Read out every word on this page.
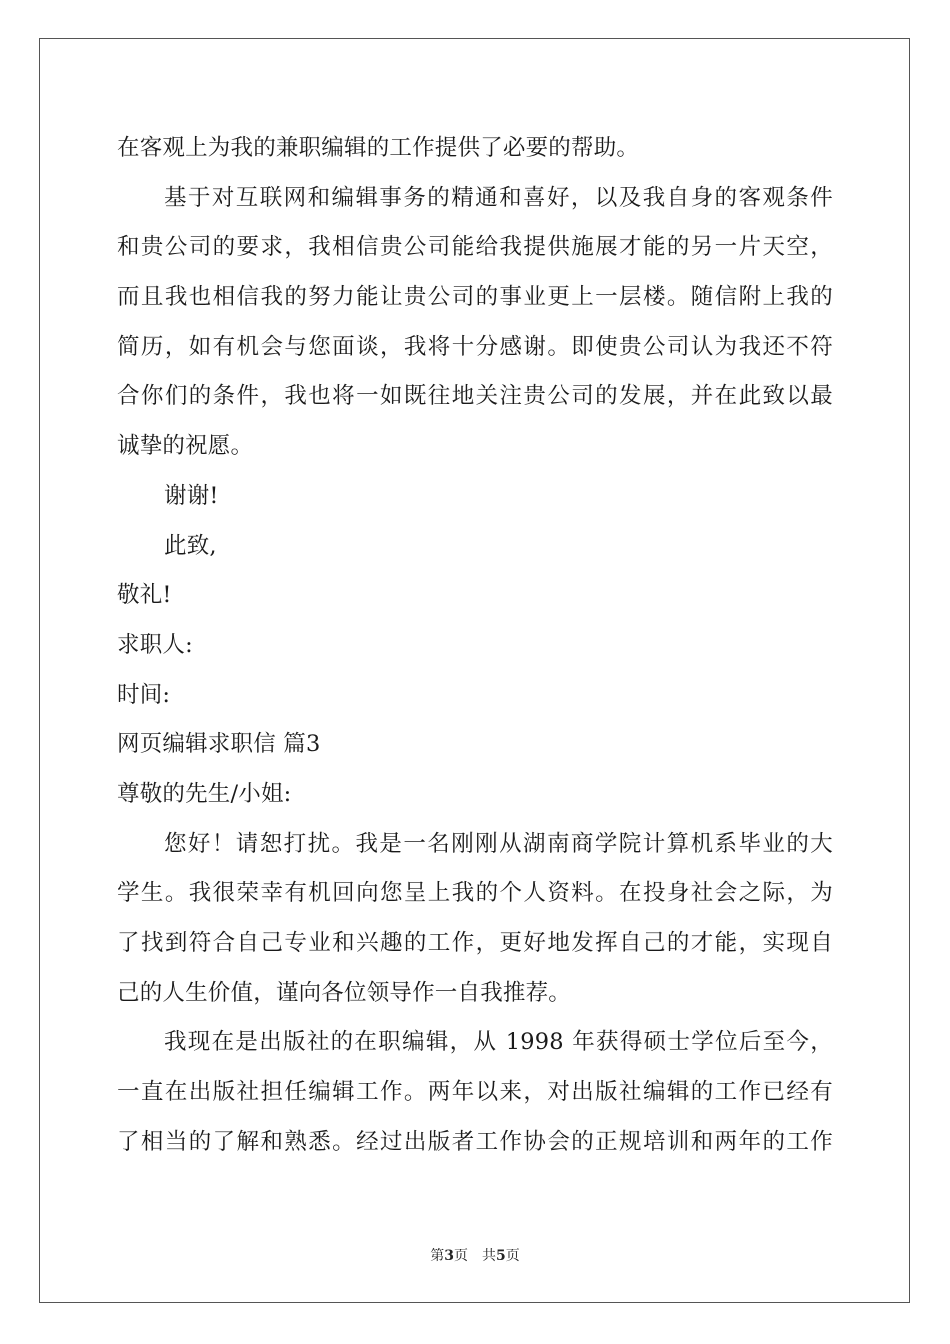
在客观上为我的兼职编辑的工作提供了必要的帮助。
基于对互联网和编辑事务的精通和喜好，以及我自身的客观条件
和贵公司的要求，我相信贵公司能给我提供施展才能的另一片天空，
而且我也相信我的努力能让贵公司的事业更上一层楼。随信附上我的
简历，如有机会与您面谈，我将十分感谢。即使贵公司认为我还不符
合你们的条件，我也将一如既往地关注贵公司的发展，并在此致以最
诚挚的祝愿。
谢谢!
此致,
敬礼!
求职人:
时间:
网页编辑求职信 篇3
尊敬的先生/小姐:
您好！请恕打扰。我是一名刚刚从湖南商学院计算机系毕业的大
学生。我很荣幸有机回向您呈上我的个人资料。在投身社会之际，为
了找到符合自己专业和兴趣的工作，更好地发挥自己的才能，实现自
己的人生价值，谨向各位领导作一自我推荐。
我现在是出版社的在职编辑，从 1998 年获得硕士学位后至今，
一直在出版社担任编辑工作。两年以来，对出版社编辑的工作已经有
了相当的了解和熟悉。经过出版者工作协会的正规培训和两年的工作
第3页 共5页
